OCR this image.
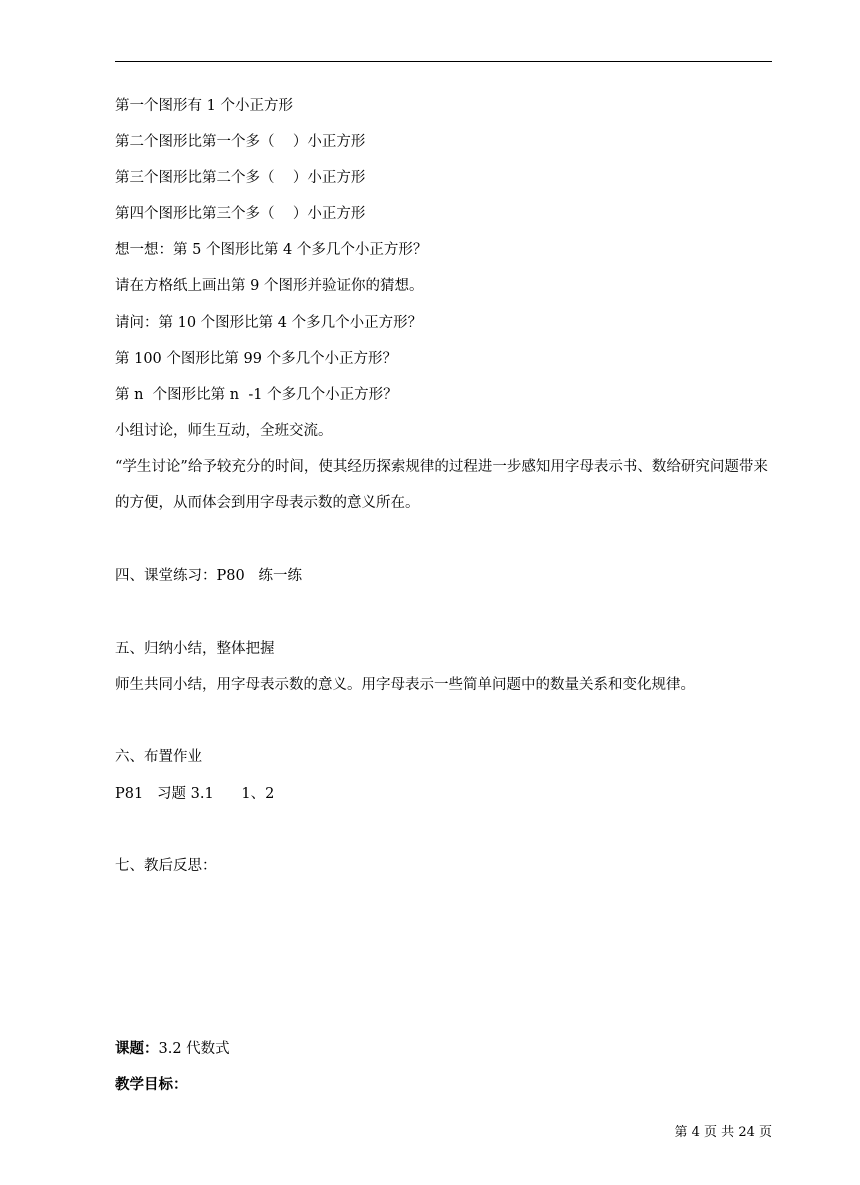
第一个图形有 1 个小正方形
第二个图形比第一个多（    ）小正方形
第三个图形比第二个多（    ）小正方形
第四个图形比第三个多（    ）小正方形
想一想：第 5 个图形比第 4 个多几个小正方形？
请在方格纸上画出第 9 个图形并验证你的猜想。
请问：第 10 个图形比第 4 个多几个小正方形？
第 100 个图形比第 99 个多几个小正方形？
第 n  个图形比第 n  -1 个多几个小正方形？
小组讨论，师生互动，全班交流。
“学生讨论”给予较充分的时间，使其经历探索规律的过程进一步感知用字母表示书、数给研究问题带来的方便，从而体会到用字母表示数的意义所在。
四、课堂练习：P80   练一练
五、归纳小结，整体把握
师生共同小结，用字母表示数的意义。用字母表示一些简单问题中的数量关系和变化规律。
六、布置作业
P81   习题 3.1      1、2
七、教后反思：
课题：3.2 代数式
教学目标：
第 4 页 共 24 页
